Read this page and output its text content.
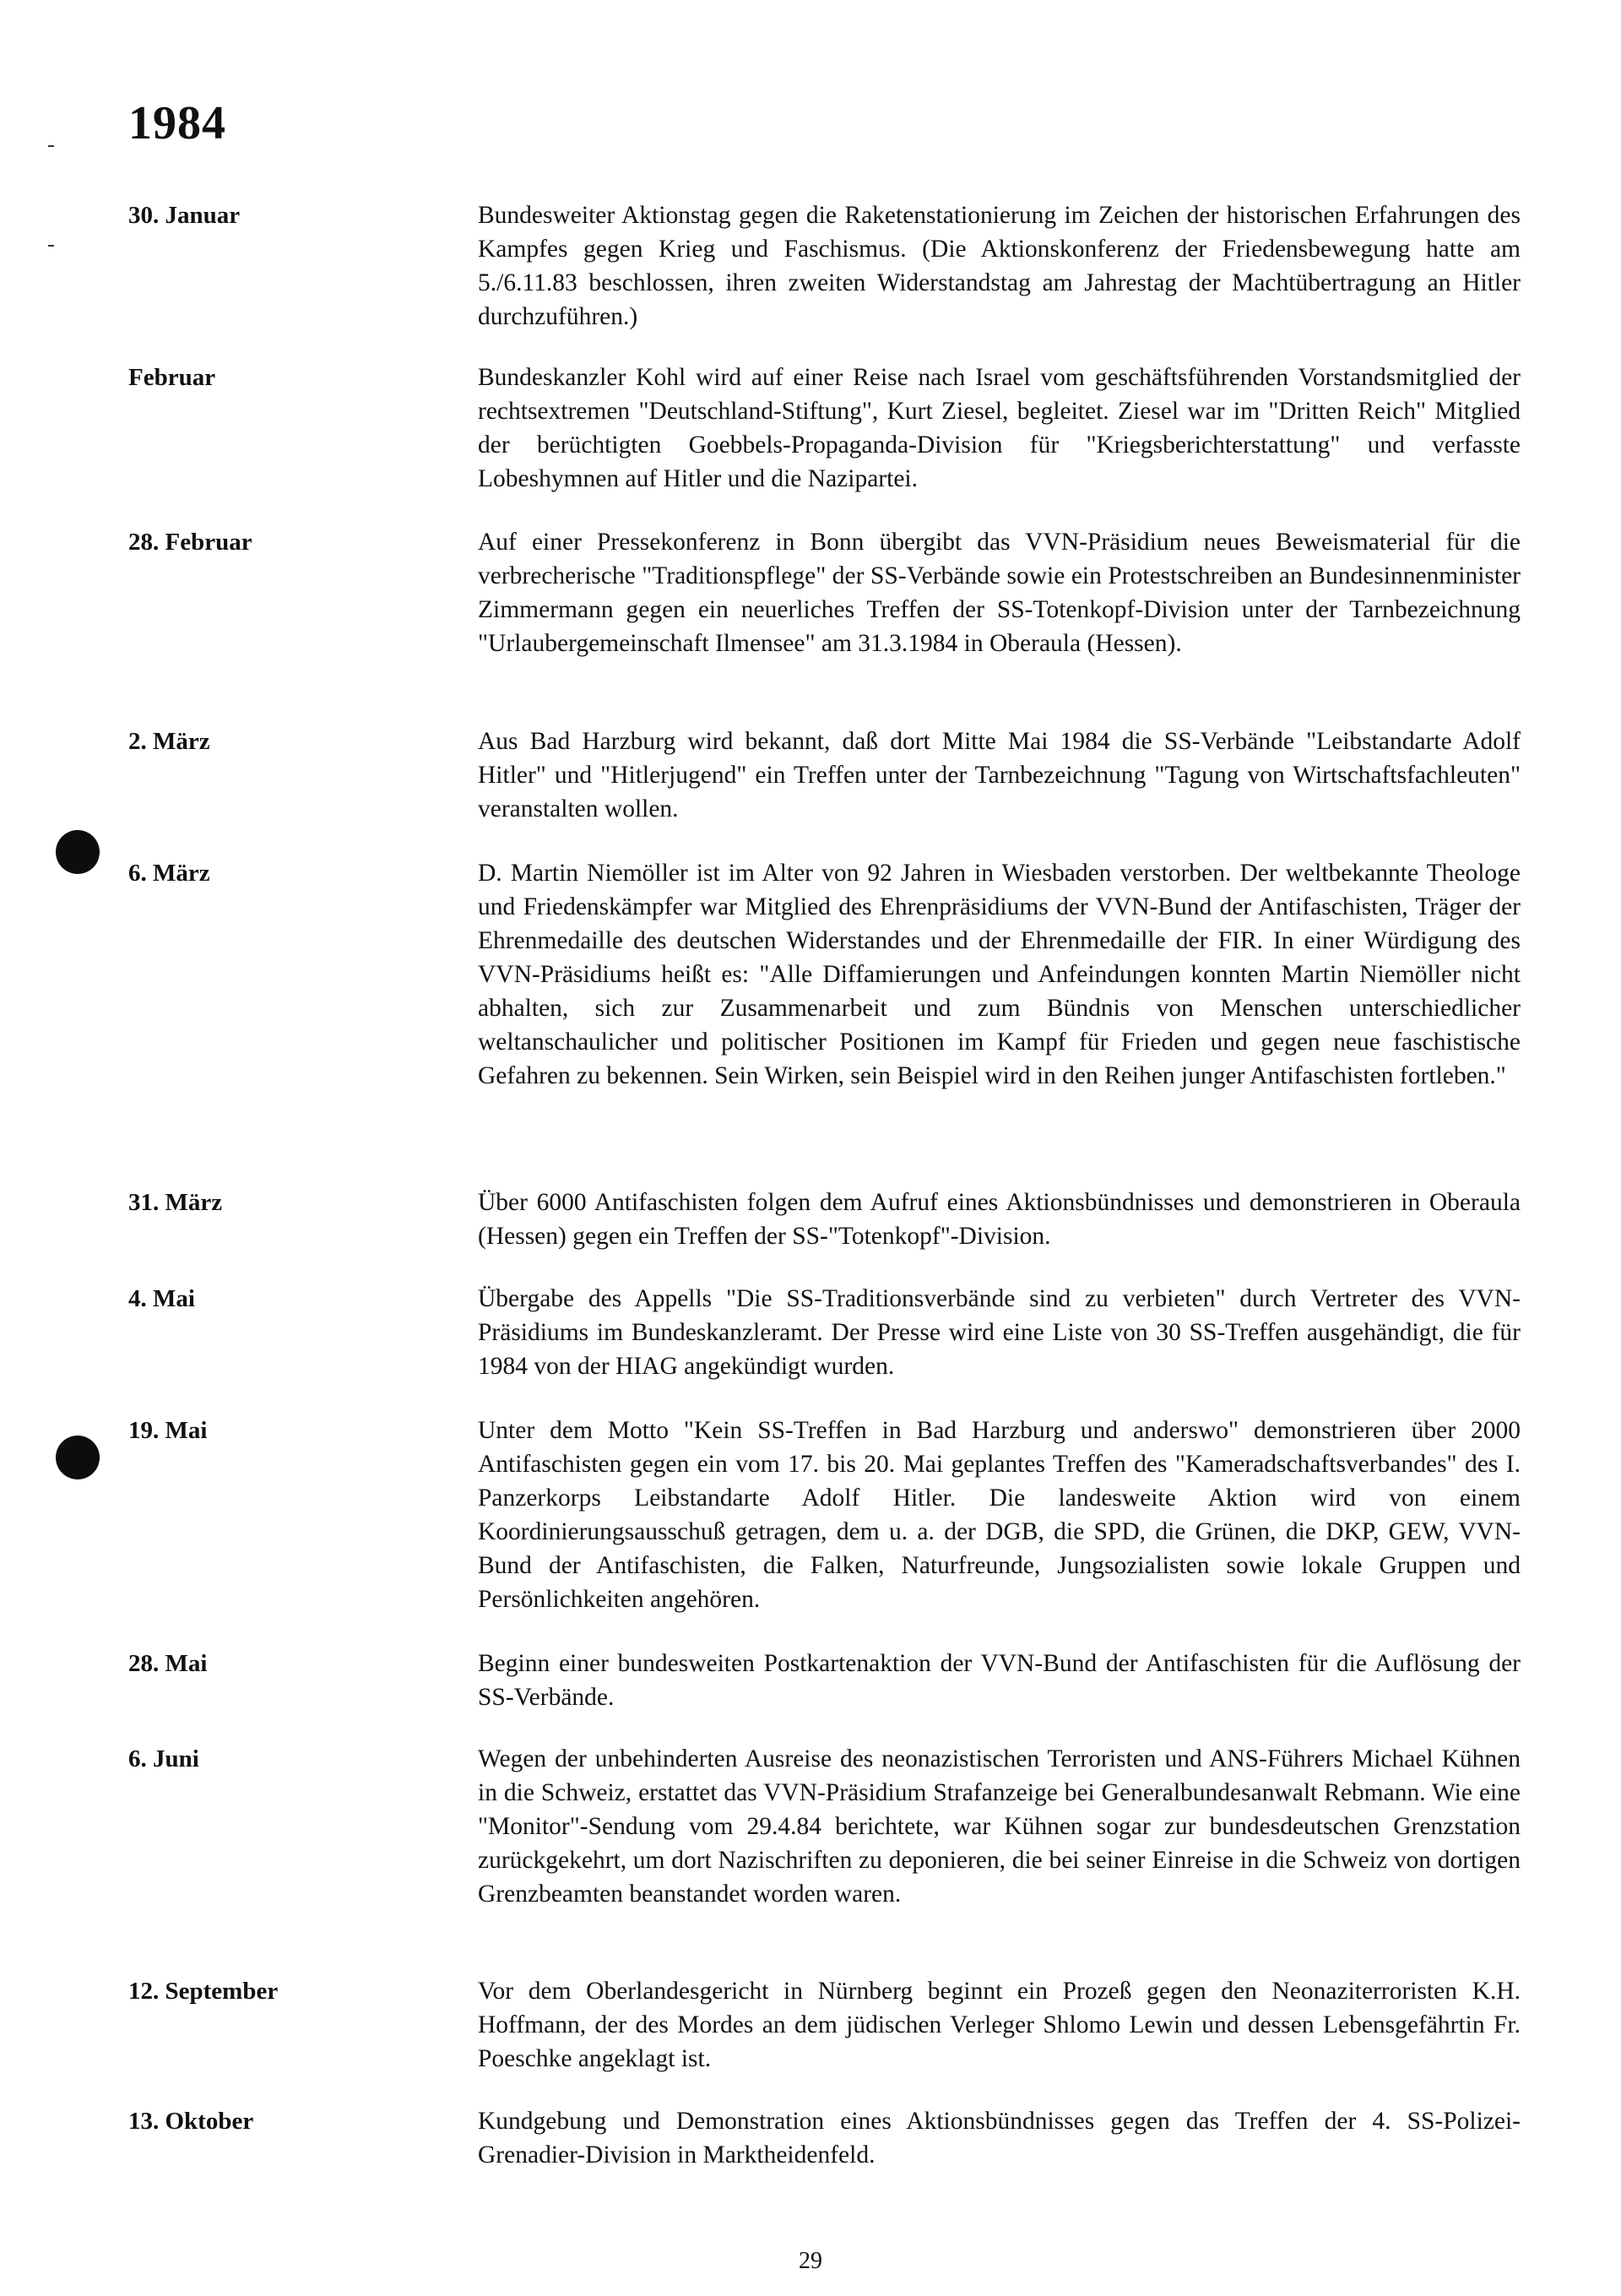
1984
30. Januar	Bundesweiter Aktionstag gegen die Raketenstationierung im Zeichen der historischen Erfahrungen des Kampfes gegen Krieg und Faschismus. (Die Aktionskonferenz der Friedensbewegung hatte am 5./6.11.83 beschlossen, ihren zweiten Widerstandstag am Jahrestag der Machtübertragung an Hitler durchzuführen.)

Februar	Bundeskanzler Kohl wird auf einer Reise nach Israel vom geschäftsführenden Vorstandsmitglied der rechtsextremen "Deutschland-Stiftung", Kurt Ziesel, begleitet. Ziesel war im "Dritten Reich" Mitglied der berüchtigten Goebbels-Propaganda-Division für "Kriegsberichterstattung" und verfasste Lobeshymnen auf Hitler und die Nazipartei.

28. Februar	Auf einer Pressekonferenz in Bonn übergibt das VVN-Präsidium neues Beweismaterial für die verbrecherische "Traditionspflege" der SS-Verbände sowie ein Protestschreiben an Bundesinnenminister Zimmermann gegen ein neuerliches Treffen der SS-Totenkopf-Division unter der Tarnbezeichnung "Urlaubergemeinschaft Ilmensee" am 31.3.1984 in Oberaula (Hessen).

2. März	Aus Bad Harzburg wird bekannt, daß dort Mitte Mai 1984 die SS-Verbände "Leibstandarte Adolf Hitler" und "Hitlerjugend" ein Treffen unter der Tarnbezeichnung "Tagung von Wirtschaftsfachleuten" veranstalten wollen.

6. März	D. Martin Niemöller ist im Alter von 92 Jahren in Wiesbaden verstorben. Der weltbekannte Theologe und Friedenskämpfer war Mitglied des Ehrenpräsidiums der VVN-Bund der Antifaschisten, Träger der Ehrenmedaille des deutschen Widerstandes und der Ehrenmedaille der FIR. In einer Würdigung des VVN-Präsidiums heißt es: "Alle Diffamierungen und Anfeindungen konnten Martin Niemöller nicht abhalten, sich zur Zusammenarbeit und zum Bündnis von Menschen unterschiedlicher weltanschaulicher und politischer Positionen im Kampf für Frieden und gegen neue faschistische Gefahren zu bekennen. Sein Wirken, sein Beispiel wird in den Reihen junger Antifaschisten fortleben."

31. März	Über 6000 Antifaschisten folgen dem Aufruf eines Aktionsbündnisses und demonstrieren in Oberaula (Hessen) gegen ein Treffen der SS-"Totenkopf"-Division.

4. Mai	Übergabe des Appells "Die SS-Traditionsverbände sind zu verbieten" durch Vertreter des VVN-Präsidiums im Bundeskanzleramt. Der Presse wird eine Liste von 30 SS-Treffen ausgehändigt, die für 1984 von der HIAG angekündigt wurden.

19. Mai	Unter dem Motto "Kein SS-Treffen in Bad Harzburg und anderswo" demonstrieren über 2000 Antifaschisten gegen ein vom 17. bis 20. Mai geplantes Treffen des "Kameradschaftsverbandes" des I. Panzerkorps Leibstandarte Adolf Hitler. Die landesweite Aktion wird von einem Koordinierungsausschuß getragen, dem u. a. der DGB, die SPD, die Grünen, die DKP, GEW, VVN-Bund der Antifaschisten, die Falken, Naturfreunde, Jungsozialisten sowie lokale Gruppen und Persönlichkeiten angehören.

28. Mai	Beginn einer bundesweiten Postkartenaktion der VVN-Bund der Antifaschisten für die Auflösung der SS-Verbände.

6. Juni	Wegen der unbehinderten Ausreise des neonazistischen Terroristen und ANS-Führers Michael Kühnen in die Schweiz, erstattet das VVN-Präsidium Strafanzeige bei Generalbundesanwalt Rebmann. Wie eine "Monitor"-Sendung vom 29.4.84 berichtete, war Kühnen sogar zur bundesdeutschen Grenzstation zurückgekehrt, um dort Nazischriften zu deponieren, die bei seiner Einreise in die Schweiz von dortigen Grenzbeamten beanstandet worden waren.

12. September	Vor dem Oberlandesgericht in Nürnberg beginnt ein Prozeß gegen den Neonaziterroristen K.H. Hoffmann, der des Mordes an dem jüdischen Verleger Shlomo Lewin und dessen Lebensgefährtin Fr. Poeschke angeklagt ist.

13. Oktober	Kundgebung und Demonstration eines Aktionsbündnisses gegen das Treffen der 4. SS-Polizei-Grenadier-Division in Marktheidenfeld.

29
